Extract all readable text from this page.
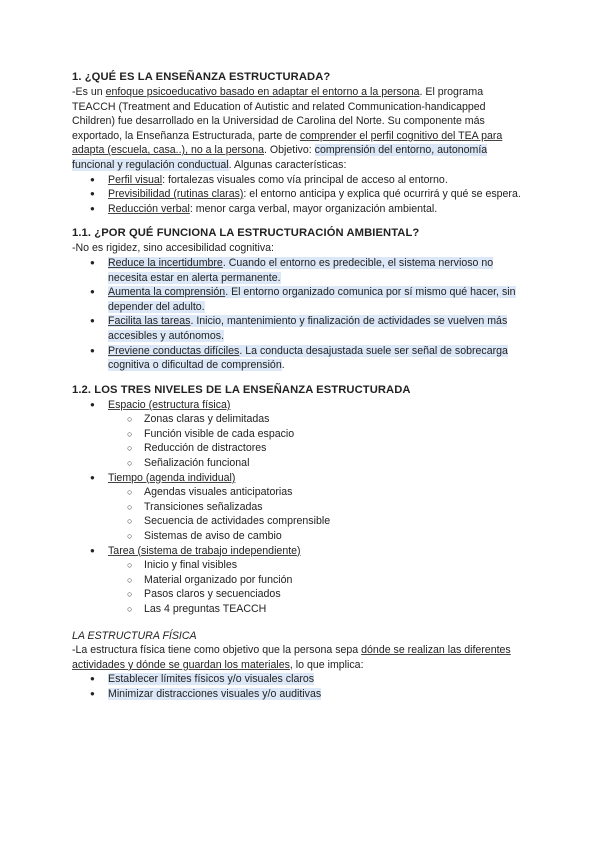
1. ¿QUÉ ES LA ENSEÑANZA ESTRUCTURADA?

-Es un enfoque psicoeducativo basado en adaptar el entorno a la persona. El programa TEACCH (Treatment and Education of Autistic and related Communication-handicapped Children) fue desarrollado en la Universidad de Carolina del Norte. Su componente más exportado, la Enseñanza Estructurada, parte de comprender el perfil cognitivo del TEA para adapta (escuela, casa..), no a la persona. Objetivo: comprensión del entorno, autonomía funcional y regulación conductual. Algunas características:

● Perfil visual: fortalezas visuales como vía principal de acceso al entorno.
● Previsibilidad (rutinas claras): el entorno anticipa y explica qué ocurrirá y qué se espera.
● Reducción verbal: menor carga verbal, mayor organización ambiental.
1.1. ¿POR QUÉ FUNCIONA LA ESTRUCTURACIÓN AMBIENTAL?

-No es rigidez, sino accesibilidad cognitiva:

● Reduce la incertidumbre. Cuando el entorno es predecible, el sistema nervioso no necesita estar en alerta permanente.
● Aumenta la comprensión. El entorno organizado comunica por sí mismo qué hacer, sin depender del adulto.
● Facilita las tareas. Inicio, mantenimiento y finalización de actividades se vuelven más accesibles y autónomos.
● Previene conductas difíciles. La conducta desajustada suele ser señal de sobrecarga cognitiva o dificultad de comprensión.
1.2. LOS TRES NIVELES DE LA ENSEÑANZA ESTRUCTURADA
● Espacio (estructura física)
○ Zonas claras y delimitadas
○ Función visible de cada espacio
○ Reducción de distractores
○ Señalización funcional
● Tiempo (agenda individual)
○ Agendas visuales anticipatorias
○ Transiciones señalizadas
○ Secuencia de actividades comprensible
○ Sistemas de aviso de cambio
● Tarea (sistema de trabajo independiente)
○ Inicio y final visibles
○ Material organizado por función
○ Pasos claros y secuenciados
○ Las 4 preguntas TEACCH

LA ESTRUCTURA FÍSICA

-La estructura física tiene como objetivo que la persona sepa dónde se realizan las diferentes actividades y dónde se guardan los materiales, lo que implica:

● Establecer límites físicos y/o visuales claros
● Minimizar distracciones visuales y/o auditivas
